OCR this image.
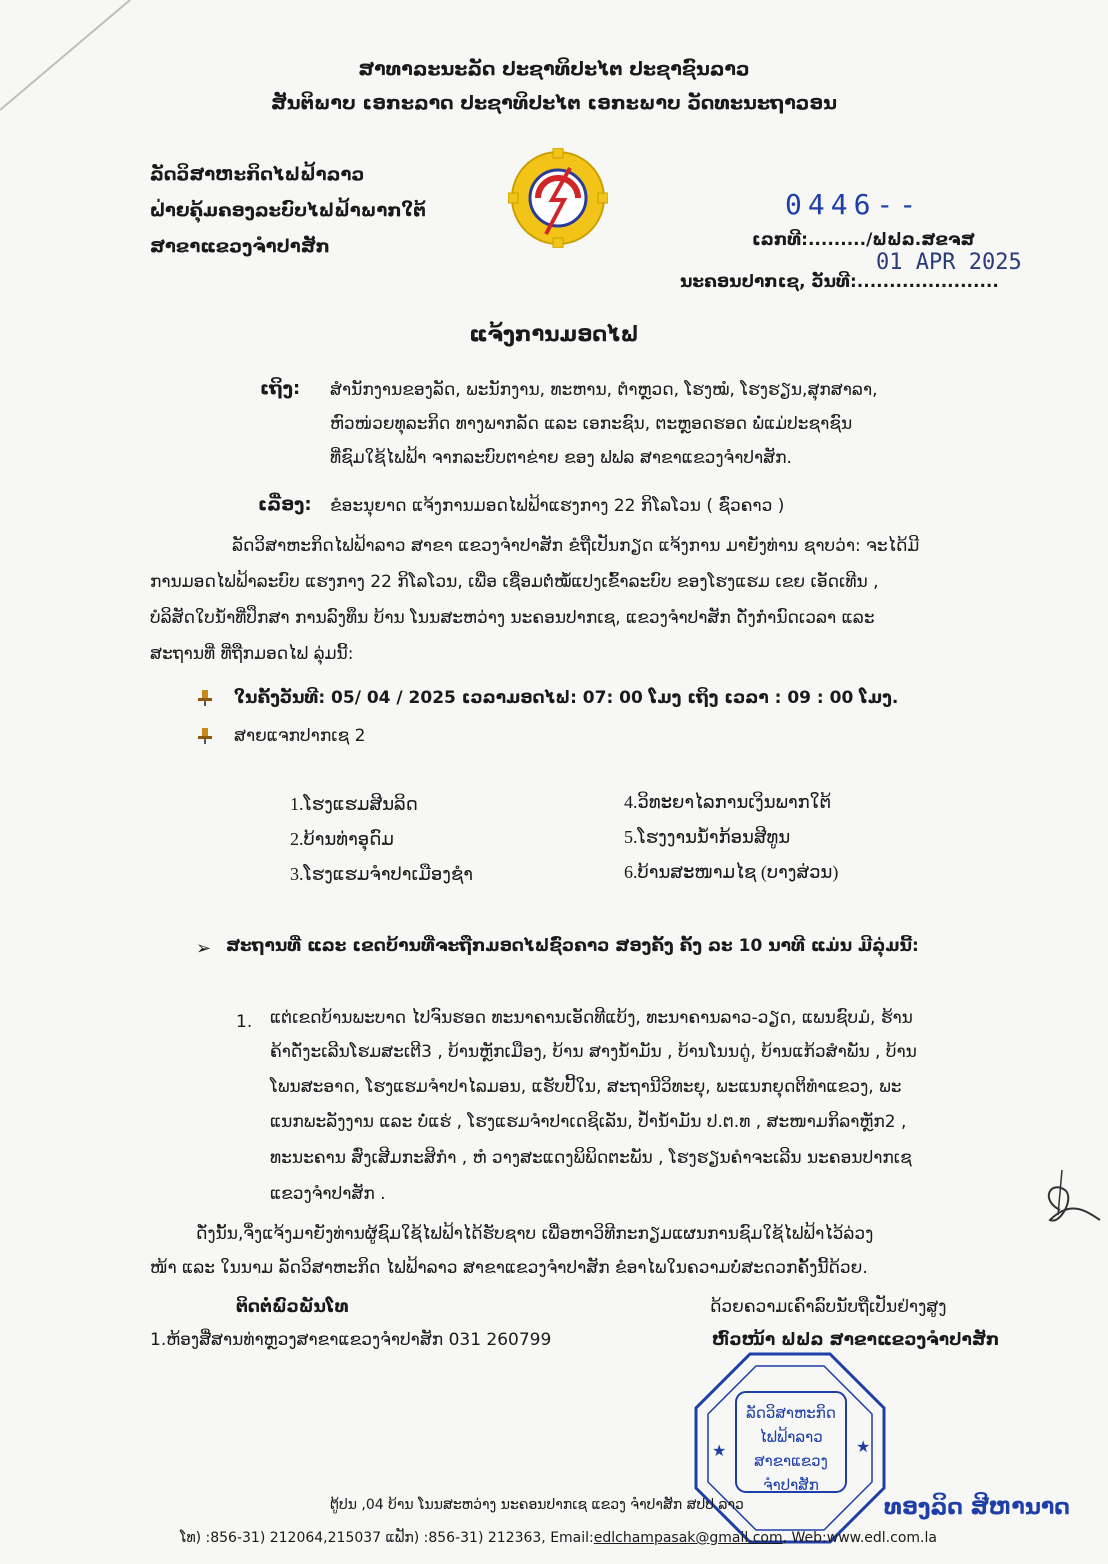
ສາທາລະນະລັດ ປະຊາທິປະໄຕ ປະຊາຊົນລາວ
ສັນຕິພາບ ເອກະລາດ ປະຊາທິປະໄຕ ເອກະພາບ ວັດທະນະຖາວອນ
ລັດວິສາຫະກິດໄຟຟ້າລາວ
ຝ່າຍຄຸ້ມຄອງລະບົບໄຟຟ້າພາກໃຕ້
ສາຂາແຂວງຈຳປາສັກ
0446--
ເລກທີ:........./ຟຟລ.ສຂຈສ
01 APR 2025
ນະຄອນປາກເຊ, ວັນທີ:......................
ແຈ້ງການມອດໄຟ
ເຖິງ: ສຳນັກງານຂອງລັດ, ພະນັກງານ, ທະຫານ, ຕຳຫຼວດ, ໂຮງໝໍ, ໂຮງຮຽນ,ສຸກສາລາ,
ຫົວໜ່ວຍທຸລະກິດ ທາງພາກລັດ ແລະ ເອກະຊົນ, ຕະຫຼອດຮອດ ພໍ່ແມ່ປະຊາຊົນ
ທີ່ຊົມໃຊ້ໄຟຟ້າ ຈາກລະບົບຕາຂ່າຍ ຂອງ ຟຟລ ສາຂາແຂວງຈຳປາສັກ.
ເລື່ອງ: ຂໍອະນຸຍາດ ແຈ້ງການມອດໄຟຟ້າແຮງກາງ 22 ກິໂລໂວນ ( ຊົ່ວຄາວ )
ລັດວິສາຫະກິດໄຟຟ້າລາວ ສາຂາ ແຂວງຈຳປາສັກ ຂໍຖືເປັນກຽດ ແຈ້ງການ ມາຍັງທ່ານ ຊາບວ່າ: ຈະໄດ້ມີ
ການມອດໄຟຟ້າລະບົບ ແຮງກາງ 22 ກິໂລໂວນ, ເພື່ອ ເຊື່ອມຕໍ່ໝໍ້ແປງເຂົ້າລະບົບ ຂອງໂຮງແຮມ ເຂຍ ເອັດເທີນ ,
ບໍລິສັດໃບນ້ຳທີ່ປຶກສາ ການລົງທຶນ ບ້ານ ໂນນສະຫວ່າງ ນະຄອນປາກເຊ, ແຂວງຈຳປາສັກ ດັ່ງກຳນົດເວລາ ແລະ
ສະຖານທີ່ ທີ່ຖືກມອດໄຟ ລຸ່ມນີ້:
ໃນຄັ້ງວັນທີ: 05/ 04 / 2025 ເວລາມອດໄຟ: 07: 00 ໂມງ ເຖິງ ເວລາ : 09 : 00 ໂມງ.
ສາຍແຈກປາກເຊ 2
1.ໂຮງແຮມສີນລິດ
2.ບ້ານທ່າອຸດົມ
3.ໂຮງແຮມຈຳປາເມືອງຊຳ
4.ວິທະຍາໄລການເງິນພາກໃຕ້
5.ໂຮງງານນ້ຳກ້ອນສີທູນ
6.ບ້ານສະໜາມໄຊ (ບາງສ່ວນ)
➢ ສະຖານທີ່ ແລະ ເຂດບ້ານທີ່ຈະຖືກມອດໄຟຊົ່ວຄາວ ສອງຄັ້ງ ຄັ້ງ ລະ 10 ນາທີ ແມ່ນ ມີລຸ່ມນີ້:
1. ແຕ່ເຂດບ້ານພະບາດ ໄປຈົນຮອດ ທະນາຄານເອັດທີແບ້ງ, ທະນາຄານລາວ-ວຽດ, ແພນຊົບມໍ, ຮ້ານ
ຄ້າດັ່ງະເລີນໂຮມສະເຕີ3 , ບ້ານຫຼັກເມືອງ, ບ້ານ ສາງນ້ຳມັນ , ບ້ານໂນນດູ່, ບ້ານແກ້ວສຳພັນ , ບ້ານ
ໂພນສະອາດ, ໂຮງແຮມຈຳປາໄລມອນ, ແຮັບປີ້ໃນ, ສະຖານີວິທະຍຸ, ພະແນກຍຸດຕິທຳແຂວງ, ພະ
ແນກພະລັງງານ ແລະ ບໍ່ແຮ່ , ໂຮງແຮມຈຳປາເດຊິເລັນ, ປໍ້ານ້ຳມັນ ປ.ຕ.ທ , ສະໜາມກິລາຫຼັກ2 ,
ທະນະຄານ ສົ່ງເສີມກະສິກຳ , ຫໍ ວາງສະແດງພິພິດຕະພັນ , ໂຮງຮຽນຄຳຈະເລີນ ນະຄອນປາກເຊ
ແຂວງຈຳປາສັກ .
ດັ່ງນັ້ນ,ຈຶ່ງແຈ້ງມາຍັງທ່ານຜູ້ຊົມໃຊ້ໄຟຟ້າໄດ້ຮັບຊາບ ເພື່ອຫາວິທີກະກຽມແຜນການຊົມໃຊ້ໄຟຟ້າໄວ້ລ່ວງ
ໜ້າ ແລະ ໃນນາມ ລັດວິສາຫະກິດ ໄຟຟ້າລາວ ສາຂາແຂວງຈຳປາສັກ ຂໍອາໄພໃນຄວາມບໍ່ສະດວກຄັ້ງນີ້ດ້ວຍ.
ຕິດຕໍ່ພົວພັນໂທ
1.ຫ້ອງສື່ສານທ່າຫຼວງສາຂາແຂວງຈຳປາສັກ 031 260799
ດ້ວຍຄວາມເຄົາລົບນັບຖືເປັນຢ່າງສູງ
ຫົວໜ້າ ຟຟລ ສາຂາແຂວງຈຳປາສັກ
ລັດວິສາຫະກິດ
ໄຟຟ້າລາວ
ສາຂາແຂວງ
ຈຳປາສັກ
★	★
ທອງລິດ ສີຫານາດ
ຕູ້ປນ ,04 ບ້ານ ໂນນສະຫວ່າງ ນະຄອນປາກເຊ ແຂວງ ຈຳປາສັກ ສປປ ລາວ
ໂທ) :856-31) 212064,215037 ແຟັກ) :856-31) 212363, Email:edlchampasak@gmail.com, Web:www.edl.com.la
